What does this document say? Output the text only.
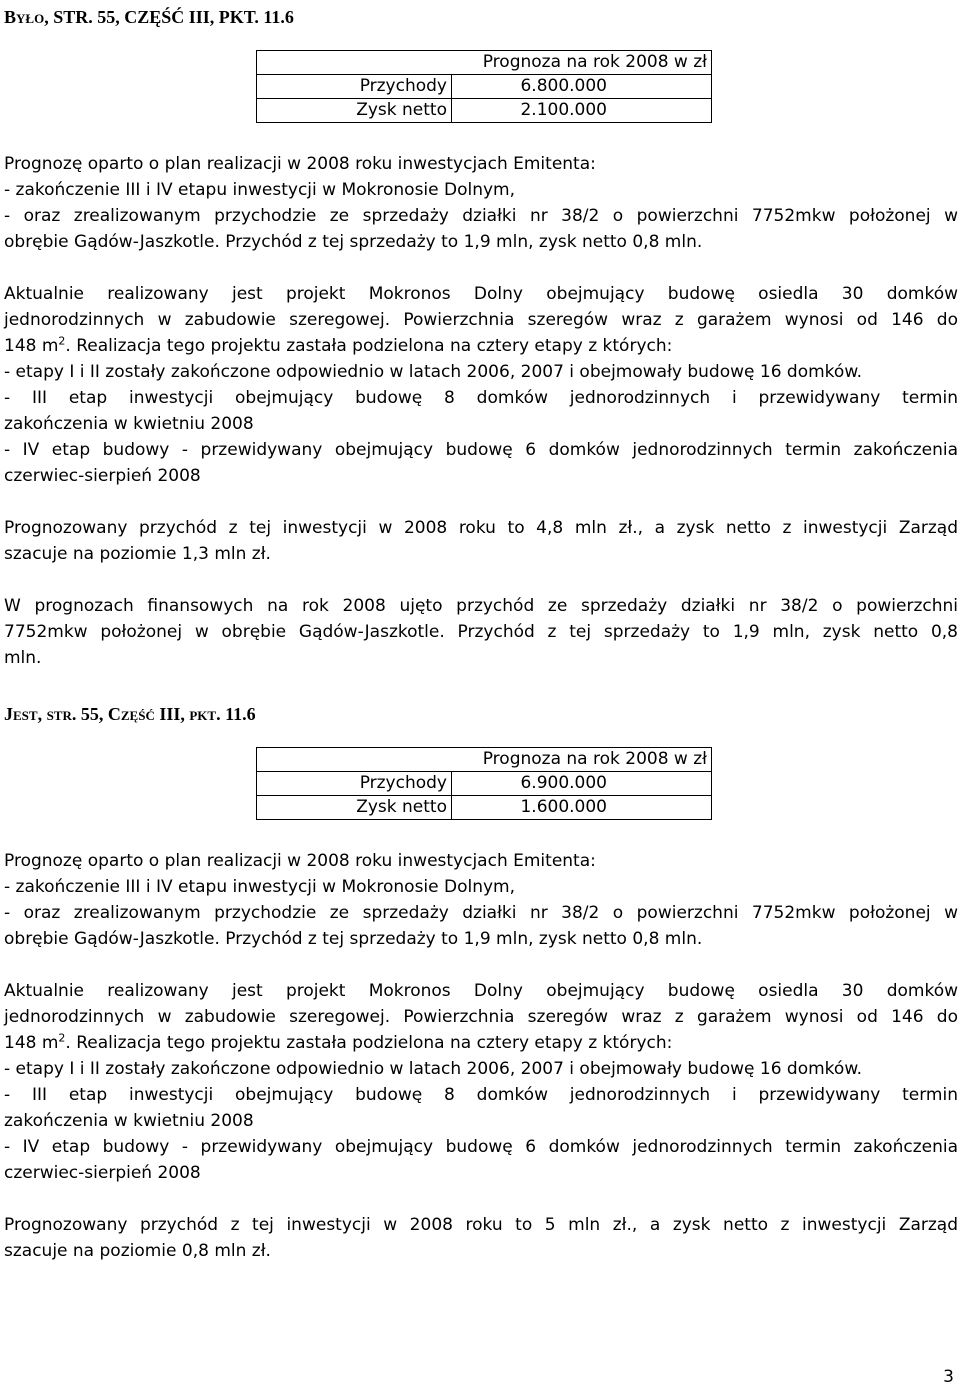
BYŁO, STR. 55, CZĘŚĆ III, PKT. 11.6

Prognoza na rok 2008 w zł	
Przychody	6.800.000
Zysk netto	2.100.000
Prognozę oparto o plan realizacji w 2008 roku inwestycjach Emitenta:
- zakończenie III i IV etapu inwestycji w Mokronosie Dolnym,
- oraz zrealizowanym przychodzie ze sprzedaży działki nr 38/2 o powierzchni 7752mkw położonej w
obrębie Gądów-Jaszkotle. Przychód z tej sprzedaży to 1,9 mln, zysk netto 0,8 mln.
Aktualnie realizowany jest projekt Mokronos Dolny obejmujący budowę osiedla 30 domków
jednorodzinnych w zabudowie szeregowej. Powierzchnia szeregów wraz z garażem wynosi od 146 do
148 $m^2$. Realizacja tego projektu zastała podzielona na cztery etapy z których:
- etapy I i II zostały zakończone odpowiednio w latach 2006, 2007 i obejmowały budowę 16 domków.
- III etap inwestycji obejmujący budowę 8 domków jednorodzinnych i przewidywany termin
zakończenia w kwietniu 2008
- IV etap budowy - przewidywany obejmujący budowę 6 domków jednorodzinnych termin zakończenia
czerwiec-sierpień 2008
Prognozowany przychód z tej inwestycji w 2008 roku to 4,8 mln zł., a zysk netto z inwestycji Zarząd
szacuje na poziomie 1,3 mln zł.
W prognozach finansowych na rok 2008 ujęto przychód ze sprzedaży działki nr 38/2 o powierzchni
7752mkw położonej w obrębie Gądów-Jaszkotle. Przychód z tej sprzedaży to 1,9 mln, zysk netto 0,8
mln.

JEST, STR. 55, CZĘŚĆ III, PKT. 11.6

Prognoza na rok 2008 w zł	
Przychody	6.900.000
Zysk netto	1.600.000
Prognozę oparto o plan realizacji w 2008 roku inwestycjach Emitenta:
- zakończenie III i IV etapu inwestycji w Mokronosie Dolnym,
- oraz zrealizowanym przychodzie ze sprzedaży działki nr 38/2 o powierzchni 7752mkw położonej w
obrębie Gądów-Jaszkotle. Przychód z tej sprzedaży to 1,9 mln, zysk netto 0,8 mln.
Aktualnie realizowany jest projekt Mokronos Dolny obejmujący budowę osiedla 30 domków
jednorodzinnych w zabudowie szeregowej. Powierzchnia szeregów wraz z garażem wynosi od 146 do
148 $m^2$. Realizacja tego projektu zastała podzielona na cztery etapy z których:
- etapy I i II zostały zakończone odpowiednio w latach 2006, 2007 i obejmowały budowę 16 domków.
- III etap inwestycji obejmujący budowę 8 domków jednorodzinnych i przewidywany termin
zakończenia w kwietniu 2008
- IV etap budowy - przewidywany obejmujący budowę 6 domków jednorodzinnych termin zakończenia
czerwiec-sierpień 2008
Prognozowany przychód z tej inwestycji w 2008 roku to 5 mln zł., a zysk netto z inwestycji Zarząd
szacuje na poziomie 0,8 mln zł.
3
